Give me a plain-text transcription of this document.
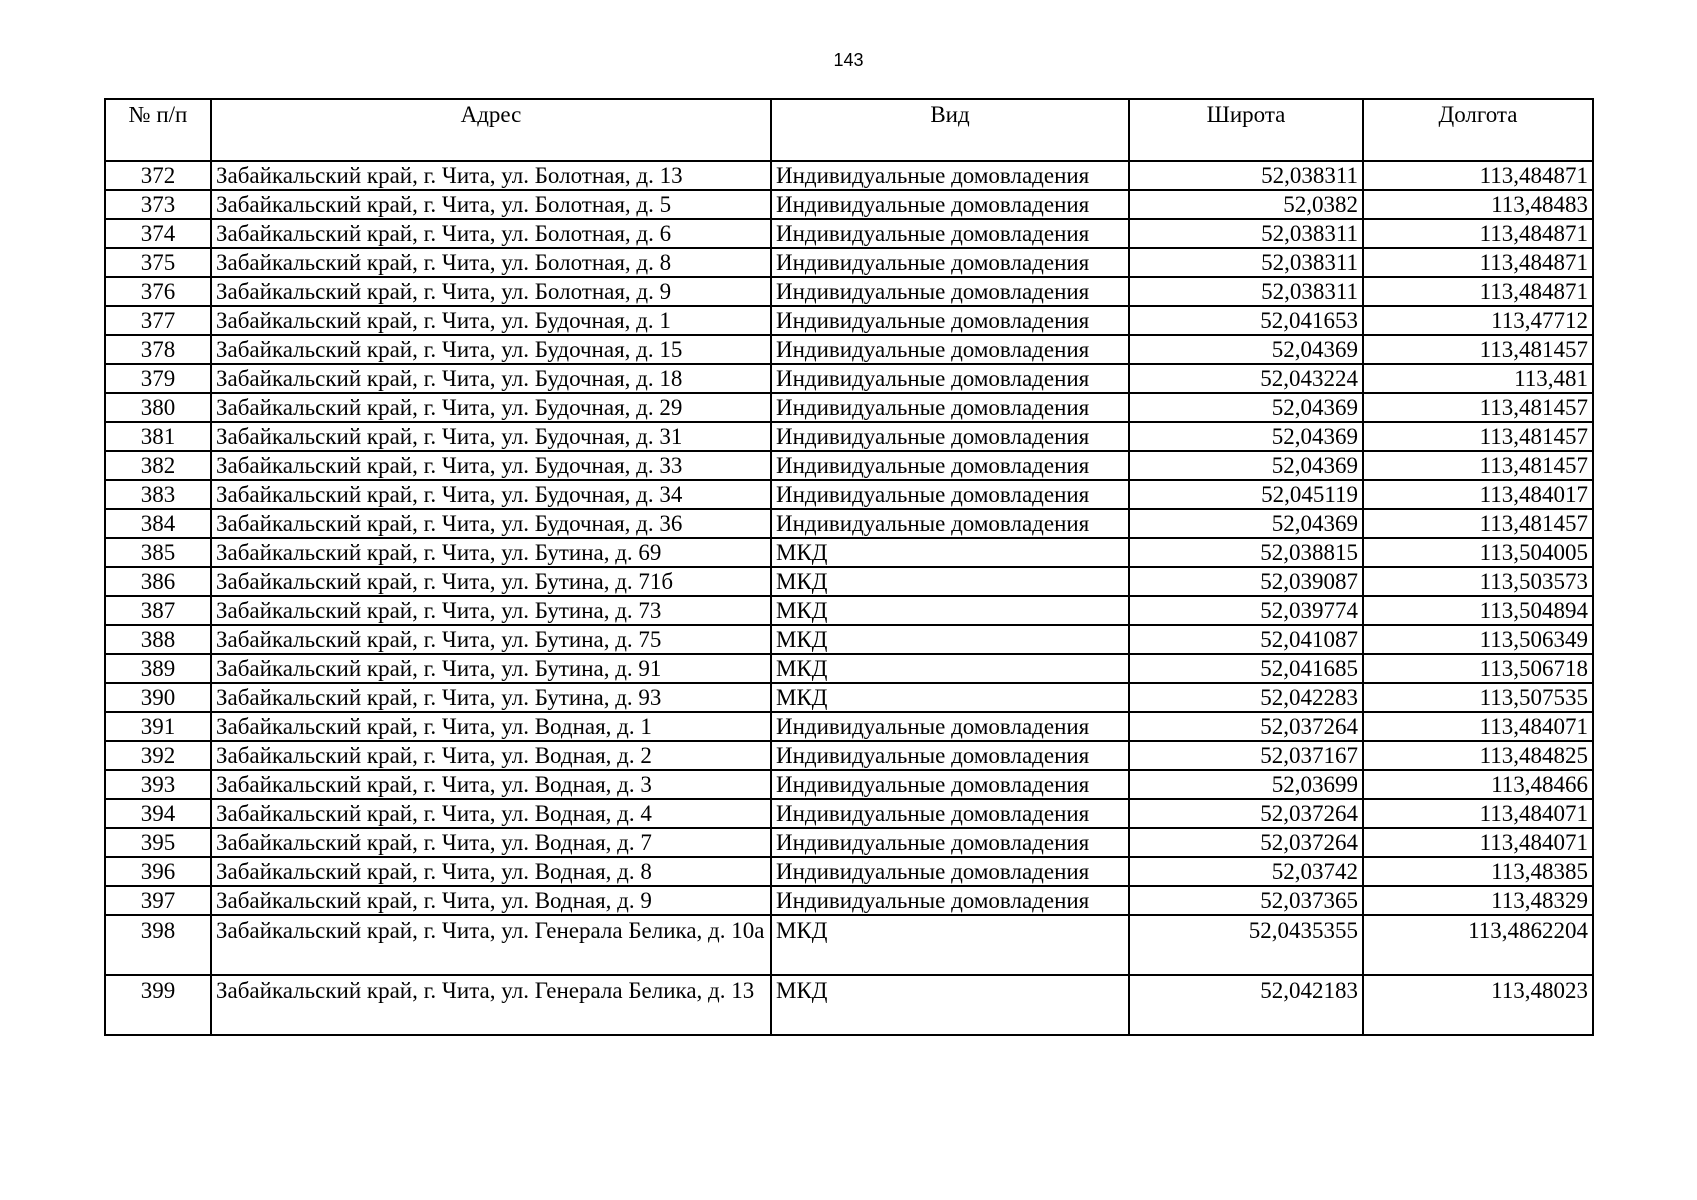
143
№ п/п	Адрес	Вид	Широта	Долгота
372	Забайкальский край, г. Чита, ул. Болотная, д. 13	Индивидуальные домовладения	52,038311	113,484871
373	Забайкальский край, г. Чита, ул. Болотная, д. 5	Индивидуальные домовладения	52,0382	113,48483
374	Забайкальский край, г. Чита, ул. Болотная, д. 6	Индивидуальные домовладения	52,038311	113,484871
375	Забайкальский край, г. Чита, ул. Болотная, д. 8	Индивидуальные домовладения	52,038311	113,484871
376	Забайкальский край, г. Чита, ул. Болотная, д. 9	Индивидуальные домовладения	52,038311	113,484871
377	Забайкальский край, г. Чита, ул. Будочная, д. 1	Индивидуальные домовладения	52,041653	113,47712
378	Забайкальский край, г. Чита, ул. Будочная, д. 15	Индивидуальные домовладения	52,04369	113,481457
379	Забайкальский край, г. Чита, ул. Будочная, д. 18	Индивидуальные домовладения	52,043224	113,481
380	Забайкальский край, г. Чита, ул. Будочная, д. 29	Индивидуальные домовладения	52,04369	113,481457
381	Забайкальский край, г. Чита, ул. Будочная, д. 31	Индивидуальные домовладения	52,04369	113,481457
382	Забайкальский край, г. Чита, ул. Будочная, д. 33	Индивидуальные домовладения	52,04369	113,481457
383	Забайкальский край, г. Чита, ул. Будочная, д. 34	Индивидуальные домовладения	52,045119	113,484017
384	Забайкальский край, г. Чита, ул. Будочная, д. 36	Индивидуальные домовладения	52,04369	113,481457
385	Забайкальский край, г. Чита, ул. Бутина, д. 69	МКД	52,038815	113,504005
386	Забайкальский край, г. Чита, ул. Бутина, д. 71б	МКД	52,039087	113,503573
387	Забайкальский край, г. Чита, ул. Бутина, д. 73	МКД	52,039774	113,504894
388	Забайкальский край, г. Чита, ул. Бутина, д. 75	МКД	52,041087	113,506349
389	Забайкальский край, г. Чита, ул. Бутина, д. 91	МКД	52,041685	113,506718
390	Забайкальский край, г. Чита, ул. Бутина, д. 93	МКД	52,042283	113,507535
391	Забайкальский край, г. Чита, ул. Водная, д. 1	Индивидуальные домовладения	52,037264	113,484071
392	Забайкальский край, г. Чита, ул. Водная, д. 2	Индивидуальные домовладения	52,037167	113,484825
393	Забайкальский край, г. Чита, ул. Водная, д. 3	Индивидуальные домовладения	52,03699	113,48466
394	Забайкальский край, г. Чита, ул. Водная, д. 4	Индивидуальные домовладения	52,037264	113,484071
395	Забайкальский край, г. Чита, ул. Водная, д. 7	Индивидуальные домовладения	52,037264	113,484071
396	Забайкальский край, г. Чита, ул. Водная, д. 8	Индивидуальные домовладения	52,03742	113,48385
397	Забайкальский край, г. Чита, ул. Водная, д. 9	Индивидуальные домовладения	52,037365	113,48329
398	Забайкальский край, г. Чита, ул. Генерала Белика, д. 10а	МКД	52,0435355	113,4862204
399	Забайкальский край, г. Чита, ул. Генерала Белика, д. 13	МКД	52,042183	113,48023
